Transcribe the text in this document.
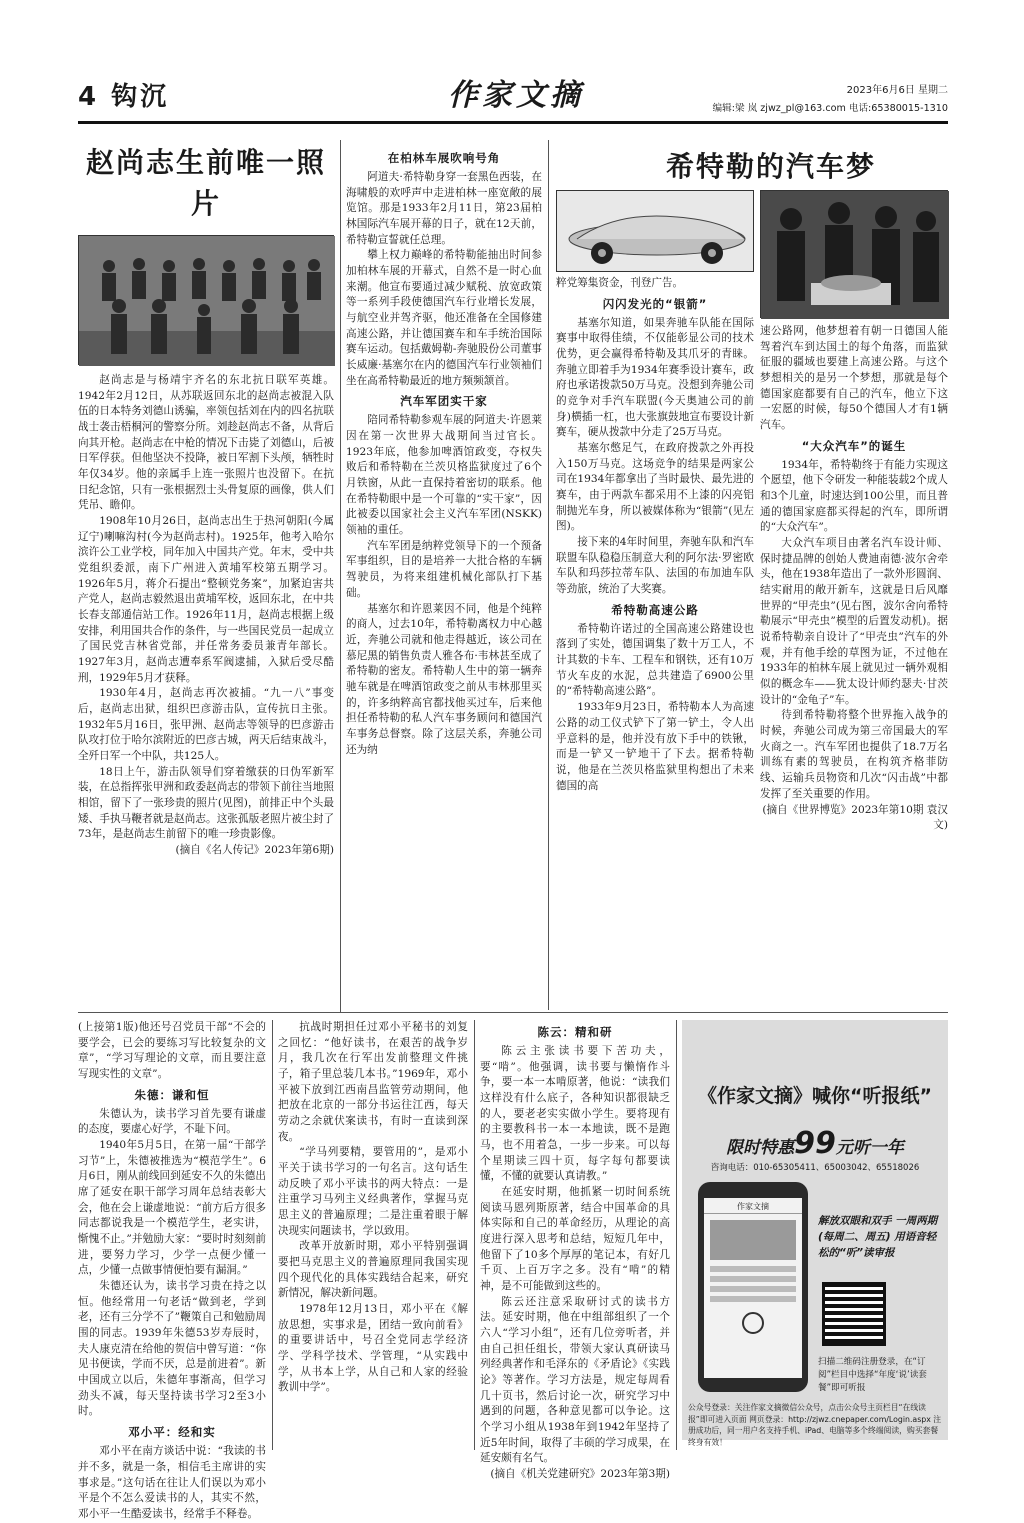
4 钩沉	作家文摘	2023年6月6日 星期二
编辑:梁 岚 zjwz_pl@163.com 电话:65380015-1310
赵尚志生前唯一照片

赵尚志是与杨靖宇齐名的东北抗日联军英雄。1942年2月12日，从苏联返回东北的赵尚志被混入队伍的日本特务刘德山诱骗，率领包括刘在内的四名抗联战士袭击梧桐河的警察分所。刘趁赵尚志不备，从背后向其开枪。赵尚志在中枪的情况下击毙了刘德山，后被日军俘获。但他坚决不投降，被日军割下头颅，牺牲时年仅34岁。他的亲属手上连一张照片也没留下。在抗日纪念馆，只有一张根据烈士头骨复原的画像，供人们凭吊、瞻仰。

1908年10月26日，赵尚志出生于热河朝阳(今属辽宁)喇嘛沟村(今为赵尚志村)。1925年，他考入哈尔滨许公工业学校，同年加入中国共产党。年末，受中共党组织委派，南下广州进入黄埔军校第五期学习。1926年5月，蒋介石提出“整顿党务案”，加紧迫害共产党人，赵尚志毅然退出黄埔军校，返回东北，在中共长春支部通信站工作。1926年11月，赵尚志根据上级安排，利用国共合作的条件，与一些国民党员一起成立了国民党吉林省党部，并任常务委员兼青年部长。1927年3月，赵尚志遭奉系军阀逮捕，入狱后受尽酷刑，1929年5月才获释。

1930年4月，赵尚志再次被捕。“九一八”事变后，赵尚志出狱，组织巴彦游击队，宣传抗日主张。1932年5月16日，张甲洲、赵尚志等领导的巴彦游击队攻打位于哈尔滨附近的巴彦古城，两天后结束战斗，全歼日军一个中队，共125人。

18日上午，游击队领导们穿着缴获的日伪军新军装，在总指挥张甲洲和政委赵尚志的带领下前往当地照相馆，留下了一张珍贵的照片(见图)，前排正中个头最矮、手执马鞭者就是赵尚志。这张孤版老照片被尘封了73年，是赵尚志生前留下的唯一珍贵影像。

(摘自《名人传记》2023年第6期)

在柏林车展吹响号角

阿道夫·希特勒身穿一套黑色西装，在海啸般的欢呼声中走进柏林一座宽敞的展览馆。那是1933年2月11日，第23届柏林国际汽车展开幕的日子，就在12天前，希特勒宣誓就任总理。

攀上权力巅峰的希特勒能抽出时间参加柏林车展的开幕式，自然不是一时心血来潮。他宣布要通过减少赋税、放宽政策等一系列手段使德国汽车行业增长发展，与航空业并驾齐驱，他还准备在全国修建高速公路，并让德国赛车和车手统治国际赛车运动。包括戴姆勒-奔驰股份公司董事长威廉·基塞尔在内的德国汽车行业领袖们坐在高希特勒最近的地方频频颔首。

汽车军团实干家

陪同希特勒参观车展的阿道夫·许恩莱因在第一次世界大战期间当过官长。1923年底，他参加啤酒馆政变，夺权失败后和希特勒在兰茨贝格监狱度过了6个月铁窗，从此一直保持着密切的联系。他在希特勒眼中是一个可靠的“实干家”，因此被委以国家社会主义汽车军团(NSKK)领袖的重任。

汽车军团是纳粹党领导下的一个预备军事组织，目的是培养一大批合格的车辆驾驶员，为将来组建机械化部队打下基础。

基塞尔和许恩莱因不同，他是个纯粹的商人，过去10年，希特勒离权力中心越近，奔驰公司就和他走得越近，该公司在慕尼黑的销售负责人雅各布·韦林甚至成了希特勒的密友。希特勒人生中的第一辆奔驰车就是在啤酒馆政变之前从韦林那里买的，许多纳粹高官都找他买过车，后来他担任希特勒的私人汽车事务顾问和德国汽车事务总督察。除了这层关系，奔驰公司还为纳

希特勒的汽车梦

粹党筹集资金，刊登广告。

闪闪发光的“银箭”

基塞尔知道，如果奔驰车队能在国际赛事中取得佳绩，不仅能彰显公司的技术优势，更会赢得希特勒及其爪牙的青睐。奔驰立即着手为1934年赛季设计赛车，政府也承诺拨款50万马克。没想到奔驰公司的竞争对手汽车联盟(今天奥迪公司的前身)横插一杠，也大张旗鼓地宣布要设计新赛车，硬从拨款中分走了25万马克。

基塞尔憋足气，在政府拨款之外再投入150万马克。这场竞争的结果是两家公司在1934年都拿出了当时最快、最先进的赛车，由于两款车都采用不上漆的闪亮铝制抛光车身，所以被媒体称为“银箭”(见左图)。

接下来的4年时间里，奔驰车队和汽车联盟车队稳稳压制意大利的阿尔法·罗密欧车队和玛莎拉蒂车队、法国的布加迪车队等劲旅，统治了大奖赛。

希特勒高速公路

希特勒许诺过的全国高速公路建设也落到了实处，德国调集了数十万工人，不计其数的卡车、工程车和钢铁，还有10万节火车皮的水泥，总共建造了6900公里的“希特勒高速公路”。

1933年9月23日，希特勒本人为高速公路的动工仪式铲下了第一铲土，令人出乎意料的是，他并没有放下手中的铁锹，而是一铲又一铲地干了下去。据希特勒说，他是在兰茨贝格监狱里构想出了未来德国的高

速公路网，他梦想着有朝一日德国人能驾着汽车到达国土的每个角落，而监狱征服的疆域也要建上高速公路。与这个梦想相关的是另一个梦想，那就是每个德国家庭都要有自己的汽车，他立下这一宏愿的时候，每50个德国人才有1辆汽车。

“大众汽车”的诞生

1934年，希特勒终于有能力实现这个愿望，他下令研发一种能装载2个成人和3个儿童，时速达到100公里，而且普通的德国家庭都买得起的汽车，即所谓的“大众汽车”。

大众汽车项目由著名汽车设计师、保时捷品牌的创始人费迪南德·波尔舍牵头，他在1938年造出了一款外形圆润、结实耐用的敞开新车，这就是日后风靡世界的“甲壳虫”(见右图，波尔舍向希特勒展示“甲壳虫”模型的后置发动机)。据说希特勒亲自设计了“甲壳虫”汽车的外观，并有他手绘的草图为证，不过他在1933年的柏林车展上就见过一辆外观相似的概念车——犹太设计师约瑟夫·甘茨设计的“金龟子”车。

待到希特勒将整个世界拖入战争的时候，奔驰公司成为第三帝国最大的军火商之一。汽车军团也提供了18.7万名训练有素的驾驶员，在构筑齐格菲防线、运输兵员物资和几次“闪击战”中都发挥了至关重要的作用。

(摘自《世界博览》2023年第10期 袁汉文)

(上接第1版)他还号召党员干部“不会的要学会，已会的要练习写比较复杂的文章”，“学习写理论的文章，而且要注意写现实性的文章”。

朱德：谦和恒

朱德认为，读书学习首先要有谦虚的态度，要虚心好学，不耻下问。

1940年5月5日，在第一届“干部学习节”上，朱德被推选为“模范学生”。6月6日，刚从前线回到延安不久的朱德出席了延安在职干部学习周年总结表彰大会，他在会上谦虚地说：“前方后方很多同志都说我是一个模范学生，老实讲，惭愧不止。”并勉励大家：“要时时刻刻前进，要努力学习，少学一点便少懂一点，少懂一点做事情便怕要有漏洞。”

朱德还认为，读书学习贵在持之以恒。他经常用一句老话“做到老，学到老，还有三分学不了”鞭策自己和勉励周围的同志。1939年朱德53岁寿辰时，夫人康克清在给他的贺信中曾写道：“你见书便读，学而不厌，总是前进着”。新中国成立以后，朱德年事渐高，但学习劲头不减，每天坚持读书学习2至3小时。

邓小平：经和实

邓小平在南方谈话中说：“我读的书并不多，就是一条，相信毛主席讲的实事求是。”这句话在往让人们误以为邓小平是个不怎么爱读书的人，其实不然，邓小平一生酷爱读书，经常手不释卷。

抗战时期担任过邓小平秘书的刘复之回忆：“他好读书，在艰苦的战争岁月，我几次在行军出发前整理文件挑子，箱子里总装几本书。”1969年，邓小平被下放到江西南昌监管劳动期间，他把放在北京的一部分书运往江西，每天劳动之余就伏案读书，有时一直读到深夜。

“学马列要精，要管用的”，是邓小平关于读书学习的一句名言。这句话生动反映了邓小平读书的两大特点：一是注重学习马列主义经典著作，掌握马克思主义的普遍原理；二是注重着眼于解决现实问题读书，学以致用。

改革开放新时期，邓小平特别强调要把马克思主义的普遍原理同我国实现四个现代化的具体实践结合起来，研究新情况，解决新问题。

1978年12月13日，邓小平在《解放思想，实事求是，团结一致向前看》的重要讲话中，号召全党同志学经济学、学科学技术、学管理，“从实践中学，从书本上学，从自己和人家的经验教训中学”。

陈云：精和研

陈云主张读书要下苦功夫，要“啃”。他强调，读书要与懒惰作斗争，要一本一本啃原著，他说：“读我们这样没有什么底子，各种知识都很缺乏的人，要老老实实做小学生。要将现有的主要教科书一本一本地读，既不是跑马，也不用着急，一步一步来。可以每个星期读三四十页，每字每句都要读懂，不懂的就要认真请教。”

在延安时期，他抓紧一切时间系统阅读马恩列斯原著，结合中国革命的具体实际和自己的革命经历，从理论的高度进行深入思考和总结，短短几年中，他留下了10多个厚厚的笔记本，有好几千页、上百万字之多。没有“啃”的精神，是不可能做到这些的。

陈云还注意采取研讨式的读书方法。延安时期，他在中组部组织了一个六人“学习小组”，还有几位旁听者，并由自己担任组长，带领大家认真研读马列经典著作和毛泽东的《矛盾论》《实践论》等著作。学习方法是，规定每周看几十页书，然后讨论一次，研究学习中遇到的问题，各种意见都可以争论。这个学习小组从1938年到1942年坚持了近5年时间，取得了丰硕的学习成果，在延安颇有名气。

(摘自《机关党建研究》2023年第3期)

《作家文摘》喊你“听报纸”
限时特惠99元听一年
咨询电话：010-65305411、65003042、65518026
作家文摘
解放双眼和双手 一周两期(每周二、周五) 用语音轻松的“听”读审报
扫描二维码注册登录，在“订阅”栏目中选择“年度‘说’读套餐”即可听报
公众号登录：关注作家文摘微信公众号，点击公众号主页栏目“在线读报”即可进入页面 网页登录：http://zjwz.cnepaper.com/Login.aspx 注册成功后，同一用户名支持手机、iPad、电脑等多个终端阅读，购买套餐终身有效！
